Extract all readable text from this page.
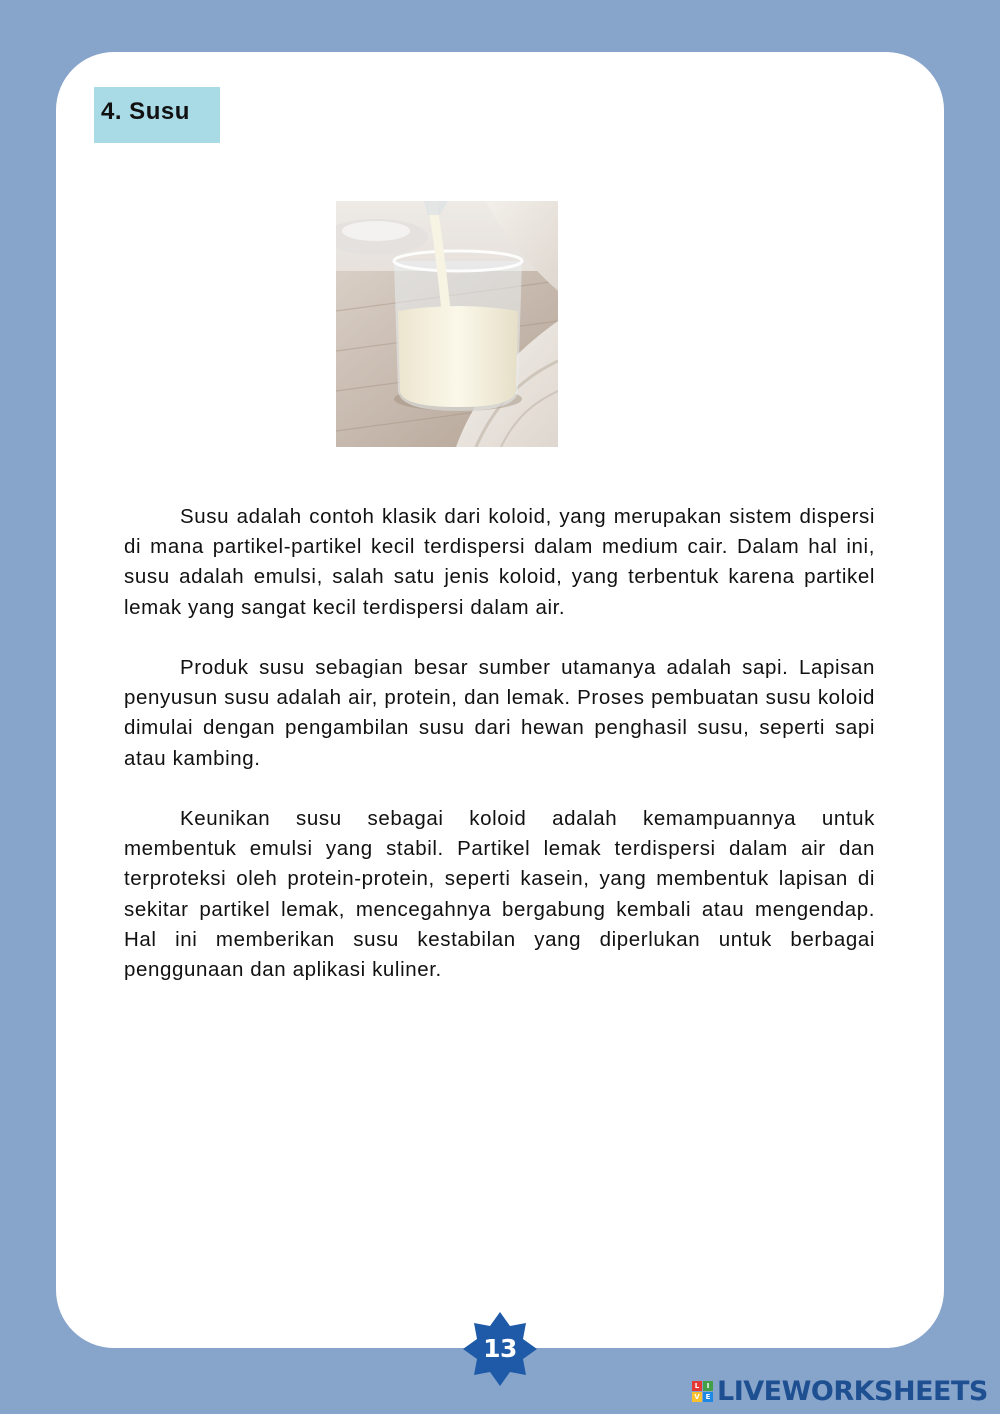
4. Susu

Susu adalah contoh klasik dari koloid, yang merupakan sistem dispersi di mana partikel-partikel kecil terdispersi dalam medium cair. Dalam hal ini, susu adalah emulsi, salah satu jenis koloid, yang terbentuk karena partikel lemak yang sangat kecil terdispersi dalam air.

Produk susu sebagian besar sumber utamanya adalah sapi. Lapisan penyusun susu adalah air, protein, dan lemak. Proses pembuatan susu koloid dimulai dengan pengambilan susu dari hewan penghasil susu, seperti sapi atau kambing.

Keunikan susu sebagai koloid adalah kemampuannya untuk membentuk emulsi yang stabil. Partikel lemak terdispersi dalam air dan terproteksi oleh protein-protein, seperti kasein, yang membentuk lapisan di sekitar partikel lemak, mencegahnya bergabung kembali atau mengendap. Hal ini memberikan susu kestabilan yang diperlukan untuk berbagai penggunaan dan aplikasi kuliner.

13
L	I
V E LIVEWORKSHEETS
